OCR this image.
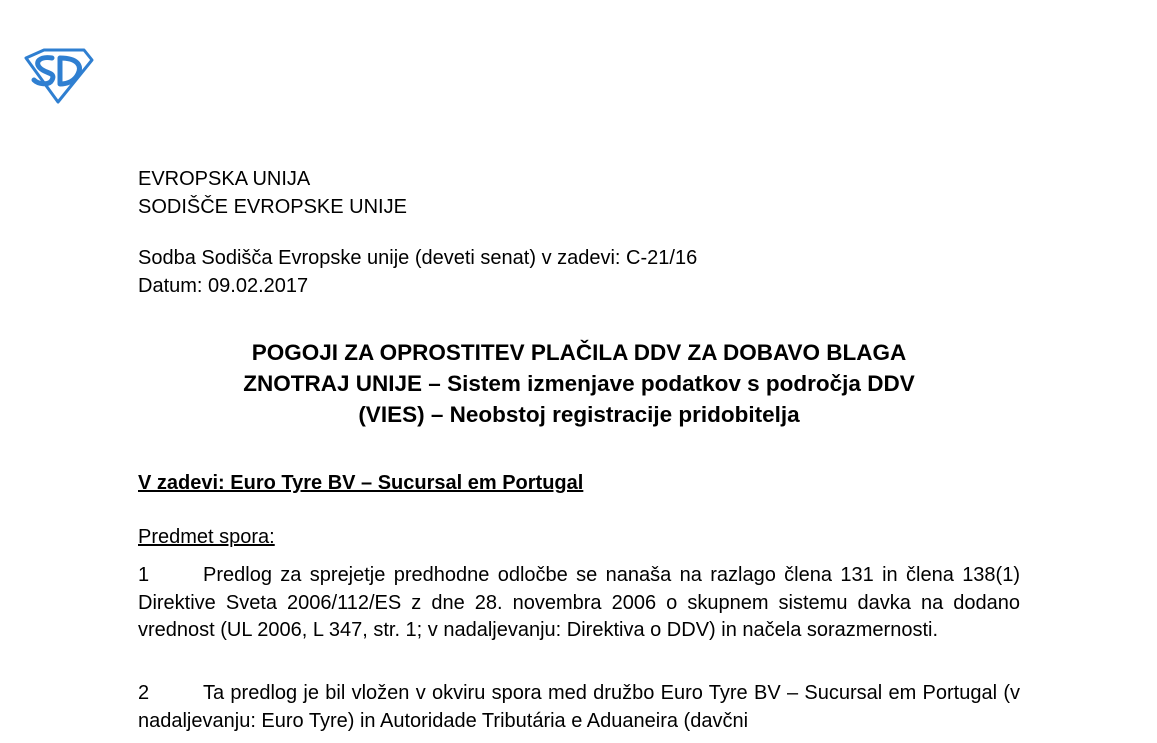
EVROPSKA UNIJA
SODIŠČE EVROPSKE UNIJE
Sodba Sodišča Evropske unije (deveti senat) v zadevi: C-21/16
Datum: 09.02.2017
POGOJI ZA OPROSTITEV PLAČILA DDV ZA DOBAVO BLAGA
ZNOTRAJ UNIJE – Sistem izmenjave podatkov s področja DDV
(VIES) – Neobstoj registracije pridobitelja
V zadevi: Euro Tyre BV – Sucursal em Portugal
Predmet spora:

1	Predlog za sprejetje predhodne odločbe se nanaša na razlago člena 131 in člena 138(1) Direktive Sveta 2006/112/ES z dne 28. novembra 2006 o skupnem sistemu davka na dodano vrednost (UL 2006, L 347, str. 1; v nadaljevanju: Direktiva o DDV) in načela sorazmernosti.

2	Ta predlog je bil vložen v okviru spora med družbo Euro Tyre BV – Sucursal em Portugal (v nadaljevanju: Euro Tyre) in Autoridade Tributária e Aduaneira (davčni
